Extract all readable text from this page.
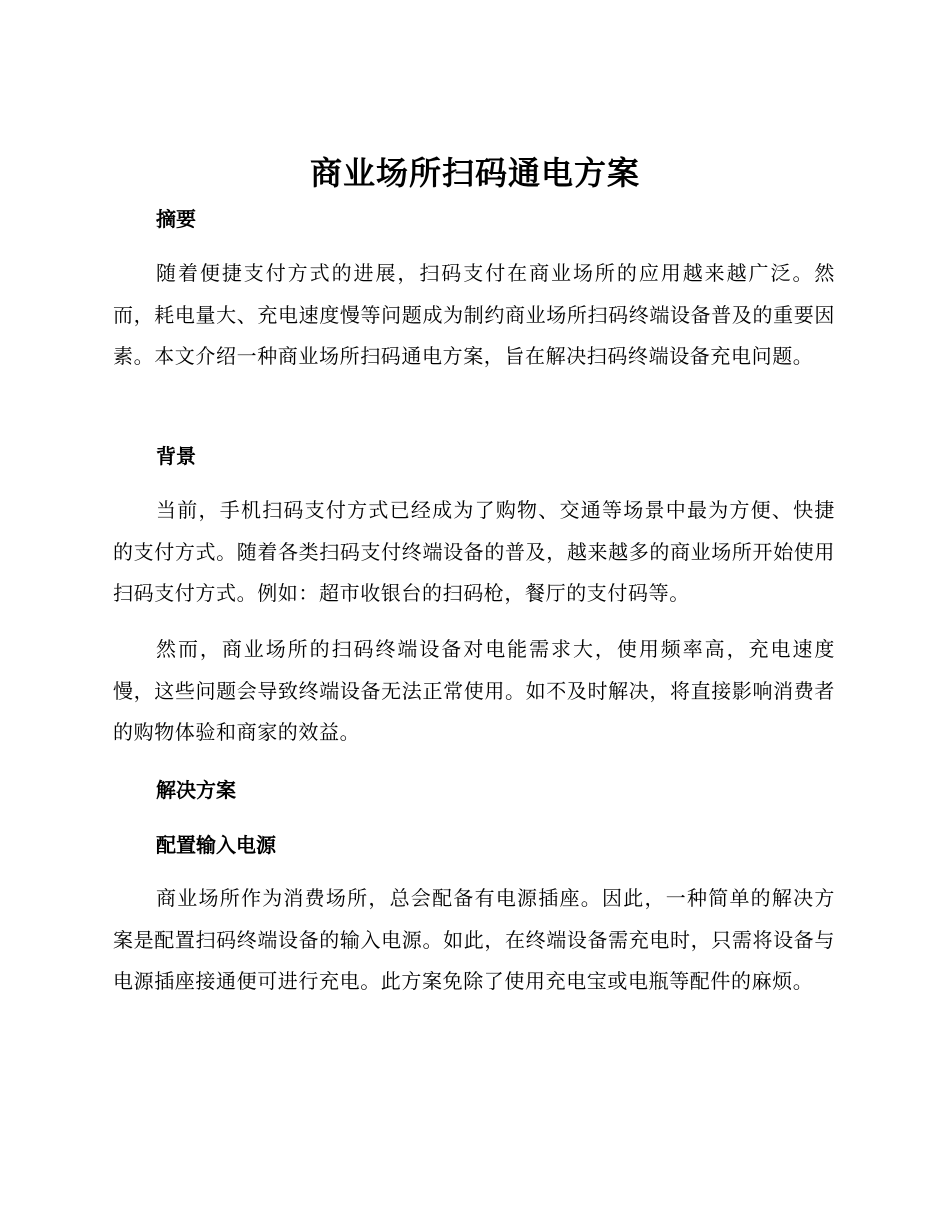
商业场所扫码通电方案
摘要
随着便捷支付方式的进展，扫码支付在商业场所的应用越来越广泛。然而，耗电量大、充电速度慢等问题成为制约商业场所扫码终端设备普及的重要因素。本文介绍一种商业场所扫码通电方案，旨在解决扫码终端设备充电问题。
背景
当前，手机扫码支付方式已经成为了购物、交通等场景中最为方便、快捷的支付方式。随着各类扫码支付终端设备的普及，越来越多的商业场所开始使用扫码支付方式。例如：超市收银台的扫码枪，餐厅的支付码等。
然而，商业场所的扫码终端设备对电能需求大，使用频率高，充电速度慢，这些问题会导致终端设备无法正常使用。如不及时解决，将直接影响消费者的购物体验和商家的效益。
解决方案
配置输入电源
商业场所作为消费场所，总会配备有电源插座。因此，一种简单的解决方案是配置扫码终端设备的输入电源。如此，在终端设备需充电时，只需将设备与电源插座接通便可进行充电。此方案免除了使用充电宝或电瓶等配件的麻烦。
